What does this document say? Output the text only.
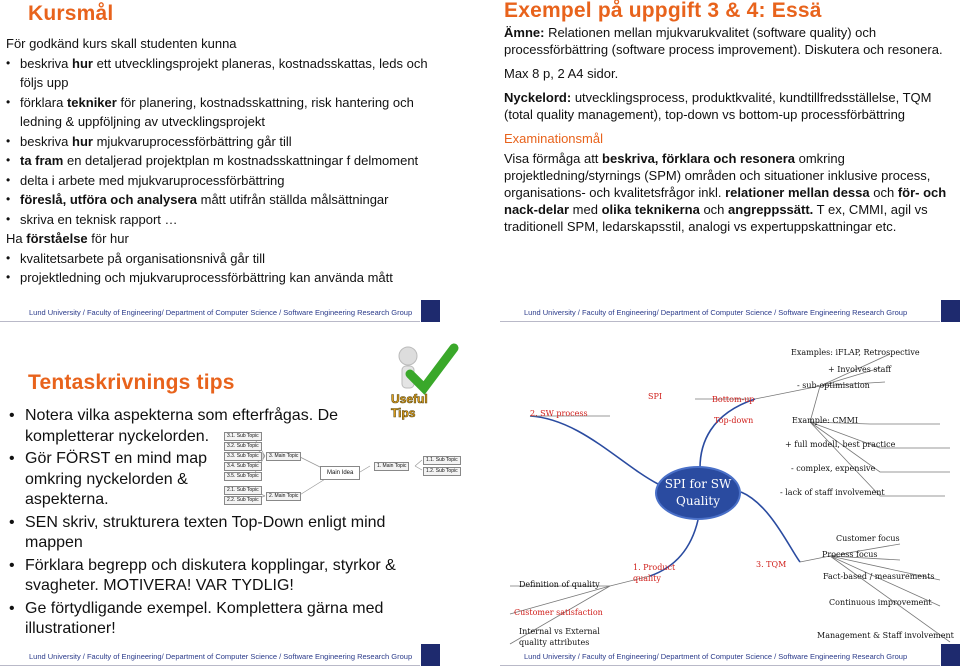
Kursmål
För godkänd kurs skall studenten kunna
• beskriva hur ett utvecklingsprojekt planeras, kostnadsskattas, leds och följs upp
• förklara tekniker för planering, kostnadsskattning, risk hantering och ledning & uppföljning av utvecklingsprojekt
• beskriva hur mjukvaruprocessförbättring går till
• ta fram en detaljerad projektplan m kostnadsskattningar f delmoment
• delta i arbete med mjukvaruprocessförbättring
• föreslå, utföra och analysera mått utifrån ställda målsättningar
• skriva en teknisk rapport …
Ha förståelse för hur
• kvalitetsarbete på organisationsnivå går till
• projektledning och mjukvaruprocessförbättring kan använda mått
Lund University / Faculty of Engineering/ Department of Computer Science / Software Engineering Research Group
Exempel på uppgift 3 & 4: Essä

Ämne: Relationen mellan mjukvarukvalitet (software quality) och processförbättring (software process improvement). Diskutera och resonera.

Max 8 p, 2 A4 sidor.

Nyckelord: utvecklingsprocess, produktkvalité, kundtillfredsställelse, TQM (total quality management), top-down vs bottom-up processförbättring

Examinationsmål

Visa förmåga att beskriva, förklara och resonera omkring projektledning/styrnings (SPM) områden och situationer inklusive process, organisations- och kvalitetsfrågor inkl. relationer mellan dessa och för- och nack-delar med olika teknikerna och angreppssätt. T ex, CMMI, agil vs traditionell SPM, ledarskapsstil, analogi vs expertuppskattningar etc.

Lund University / Faculty of Engineering/ Department of Computer Science / Software Engineering Research Group
Tentaskrivnings tips
Useful Tips
• Notera vilka aspekterna som efterfrågas. De kompletterar nyckelorden.
• Gör FÖRST en mind map omkring nyckelorden & aspekterna.
• SEN skriv, strukturera texten Top-Down enligt mind mappen
• Förklara begrepp och diskutera kopplingar, styrkor & svagheter. MOTIVERA! VAR TYDLIG!
• Ge förtydligande exempel. Komplettera gärna med illustrationer!
3.1. Sub Topic
3.2. Sub Topic
3.3. Sub Topic
3.4. Sub Topic
3.5. Sub Topic
3. Main Topic
2.1. Sub Topic
2.2. Sub Topic
2. Main Topic
Main Idea
1. Main Topic
1.1. Sub Topic
1.2. Sub Topic
Lund University / Faculty of Engineering/ Department of Computer Science / Software Engineering Research Group
SPI for SW Quality
Examples: iFLAP, Retrospective
+ Involves staff
- sub-optimisation
SPI	Bottom-up
2. SW process
Top-down	Example: CMMI
+ full modell, best practice
- complex, expensive
- lack of staff involvement
Customer focus
Process focus
1. Product quality
3. TQM
Fact-based / measurements
Definition of quality
Continuous improvement
Customer satisfaction
Internal vs External quality attributes
Management & Staff involvement
Lund University / Faculty of Engineering/ Department of Computer Science / Software Engineering Research Group
